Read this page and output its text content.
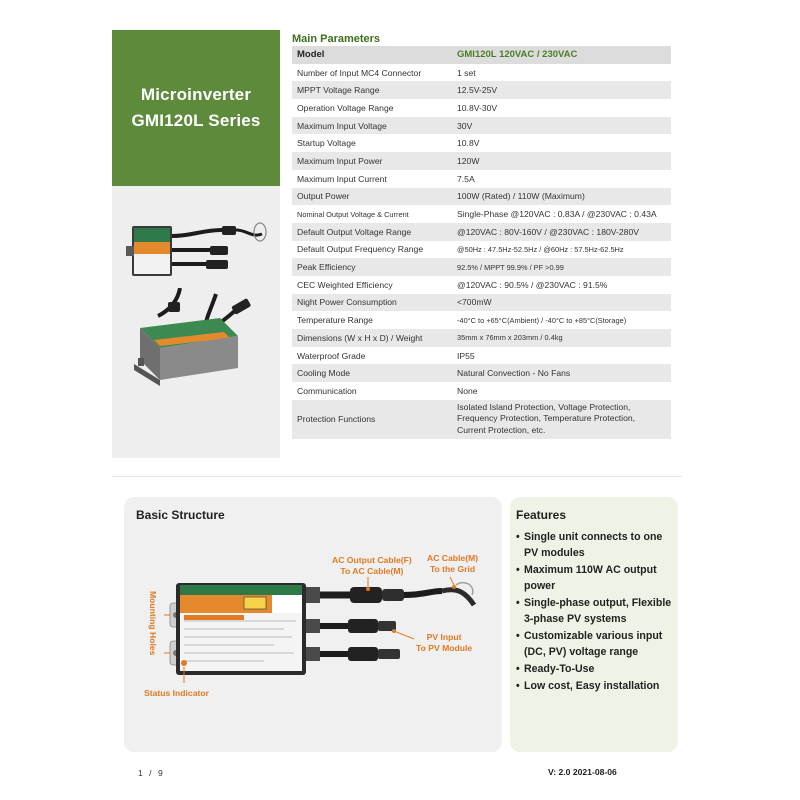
Microinverter
GMI120L Series
Main Parameters
Model	GMI120L 120VAC / 230VAC
Number of Input MC4 Connector	1 set
MPPT Voltage Range	12.5V-25V
Operation Voltage Range	10.8V-30V
Maximum Input Voltage	30V
Startup Voltage	10.8V
Maximum Input Power	120W
Maximum Input Current	7.5A
Output Power	100W (Rated) / 110W (Maximum)
Nominal Output Voltage & Current	Single-Phase @120VAC : 0.83A / @230VAC : 0.43A
Default Output Voltage Range	@120VAC : 80V-160V / @230VAC : 180V-280V
Default Output Frequency Range	@50Hz : 47.5Hz-52.5Hz / @60Hz : 57.5Hz-62.5Hz
Peak Efficiency	92.5% / MPPT 99.9% / PF >0.99
CEC Weighted Efficiency	@120VAC : 90.5% / @230VAC : 91.5%
Night Power Consumption	<700mW
Temperature Range	-40°C to +65°C(Ambient) / -40°C to +85°C(Storage)
Dimensions (W x H x D) / Weight	35mm x 76mm x 203mm / 0.4kg
Waterproof Grade	IP55
Cooling Mode	Natural Convection - No Fans
Communication	None
Protection Functions	Isolated Island Protection, Voltage Protection, Frequency Protection, Temperature Protection, Current Protection, etc.
Basic Structure
AC Output Cable(F)
To AC Cable(M)
AC Cable(M)
To the Grid
PV Input
To PV Module
Mounting Holes
Status Indicator
Features
• Single unit connects to one PV modules
• Maximum 110W AC output power
• Single-phase output, Flexible 3-phase PV systems
• Customizable various input (DC, PV) voltage range
• Ready-To-Use
• Low cost, Easy installation
1 / 9	V: 2.0 2021-08-06
